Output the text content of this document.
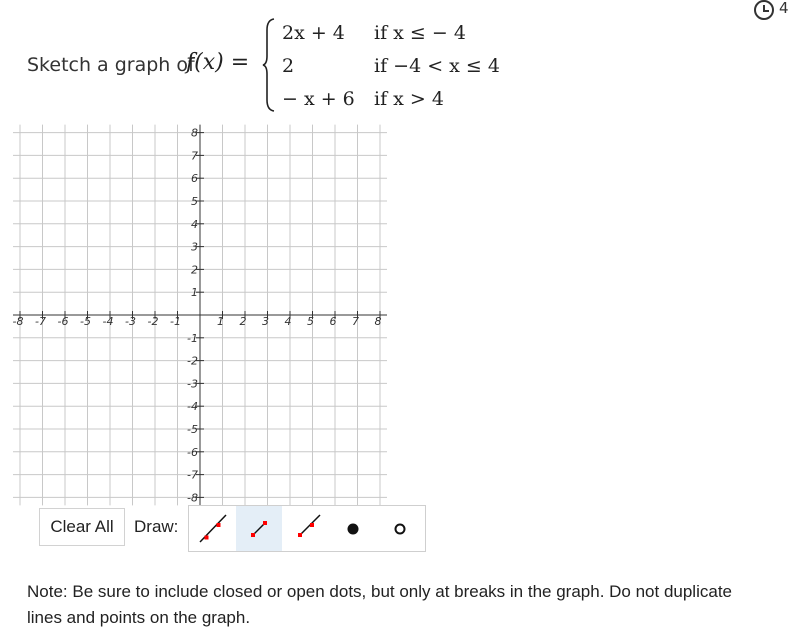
4
Sketch a graph of
f(x) =
2x + 4 if x ≤ − 4
2	if −4 < x ≤ 4
− x + 6 if x > 4
-8 -7 -6 -5 -4 -3 -2 -1	1 2 3 4 5 6 7 8
8
7
6
5
4
3
2
1
-1
-2
-3
-4
-5
-6
-7
-8
Clear All	Draw:
Note: Be sure to include closed or open dots, but only at breaks in the graph. Do not duplicate lines and points on the graph.
